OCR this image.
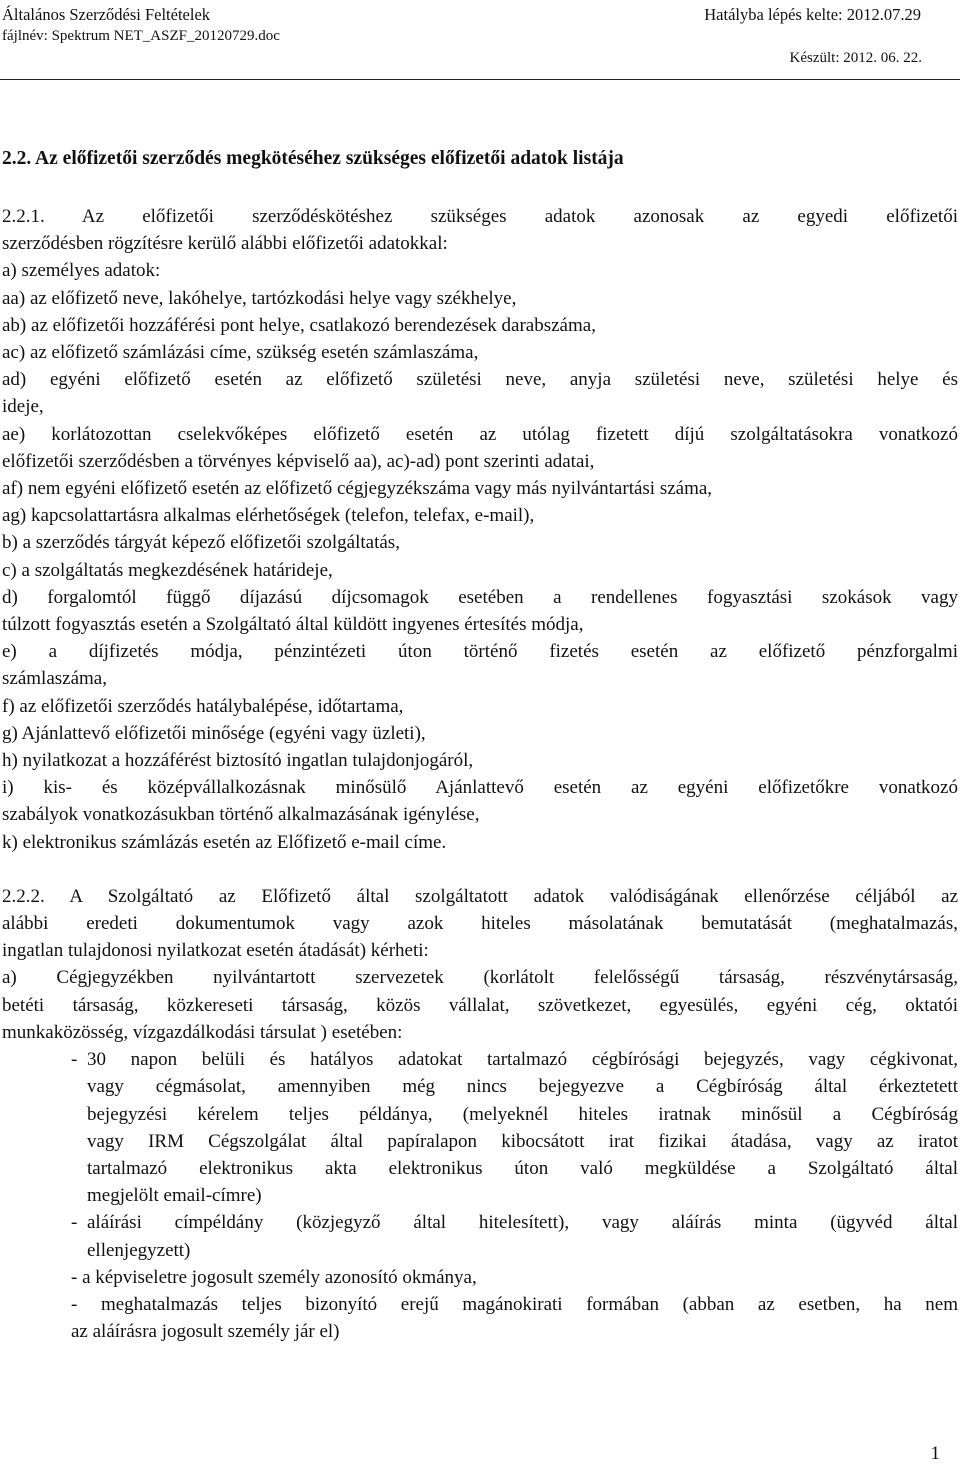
Általános Szerződési Feltételek
fájlnév: Spektrum NET_ASZF_20120729.doc
Hatályba lépés kelte: 2012.07.29
Készült: 2012. 06. 22.
2.2. Az előfizetői szerződés megkötéséhez szükséges előfizetői adatok listája
2.2.1. Az előfizetői szerződéskötéshez szükséges adatok azonosak az egyedi előfizetői
szerződésben rögzítésre kerülő alábbi előfizetői adatokkal:
a) személyes adatok:
aa) az előfizető neve, lakóhelye, tartózkodási helye vagy székhelye,
ab) az előfizetői hozzáférési pont helye, csatlakozó berendezések darabszáma,
ac) az előfizető számlázási címe, szükség esetén számlaszáma,
ad) egyéni előfizető esetén az előfizető születési neve, anyja születési neve, születési helye és
ideje,
ae) korlátozottan cselekvőképes előfizető esetén az utólag fizetett díjú szolgáltatásokra vonatkozó
előfizetői szerződésben a törvényes képviselő aa), ac)-ad) pont szerinti adatai,
af) nem egyéni előfizető esetén az előfizető cégjegyzékszáma vagy más nyilvántartási száma,
ag) kapcsolattartásra alkalmas elérhetőségek (telefon, telefax, e-mail),
b) a szerződés tárgyát képező előfizetői szolgáltatás,
c) a szolgáltatás megkezdésének határideje,
d) forgalomtól függő díjazású díjcsomagok esetében a rendellenes fogyasztási szokások vagy
túlzott fogyasztás esetén a Szolgáltató által küldött ingyenes értesítés módja,
e) a díjfizetés módja, pénzintézeti úton történő fizetés esetén az előfizető pénzforgalmi
számlaszáma,
f) az előfizetői szerződés hatálybalépése, időtartama,
g) Ajánlattevő előfizetői minősége (egyéni vagy üzleti),
h) nyilatkozat a hozzáférést biztosító ingatlan tulajdonjogáról,
i) kis- és középvállalkozásnak minősülő Ajánlattevő esetén az egyéni előfizetőkre vonatkozó
szabályok vonatkozásukban történő alkalmazásának igénylése,
k) elektronikus számlázás esetén az Előfizető e-mail címe.
2.2.2. A Szolgáltató az Előfizető által szolgáltatott adatok valódiságának ellenőrzése céljából az
alábbi eredeti dokumentumok vagy azok hiteles másolatának bemutatását (meghatalmazás,
ingatlan tulajdonosi nyilatkozat esetén átadását) kérheti:
a) Cégjegyzékben nyilvántartott szervezetek (korlátolt felelősségű társaság, részvénytársaság,
betéti társaság, közkereseti társaság, közös vállalat, szövetkezet, egyesülés, egyéni cég, oktatói
munkaközösség, vízgazdálkodási társulat ) esetében:
- 30 napon belüli és hatályos adatokat tartalmazó cégbírósági bejegyzés, vagy cégkivonat,
vagy cégmásolat, amennyiben még nincs bejegyezve a Cégbíróság által érkeztetett
bejegyzési kérelem teljes példánya, (melyeknél hiteles iratnak minősül a Cégbíróság
vagy IRM Cégszolgálat által papíralapon kibocsátott irat fizikai átadása, vagy az iratot
tartalmazó elektronikus akta elektronikus úton való megküldése a Szolgáltató által
megjelölt email-címre)
- aláírási címpéldány (közjegyző által hitelesített), vagy aláírás minta (ügyvéd által
ellenjegyzett)
- a képviseletre jogosult személy azonosító okmánya,
- meghatalmazás teljes bizonyító erejű magánokirati formában (abban az esetben, ha nem
az aláírásra jogosult személy jár el)
1
